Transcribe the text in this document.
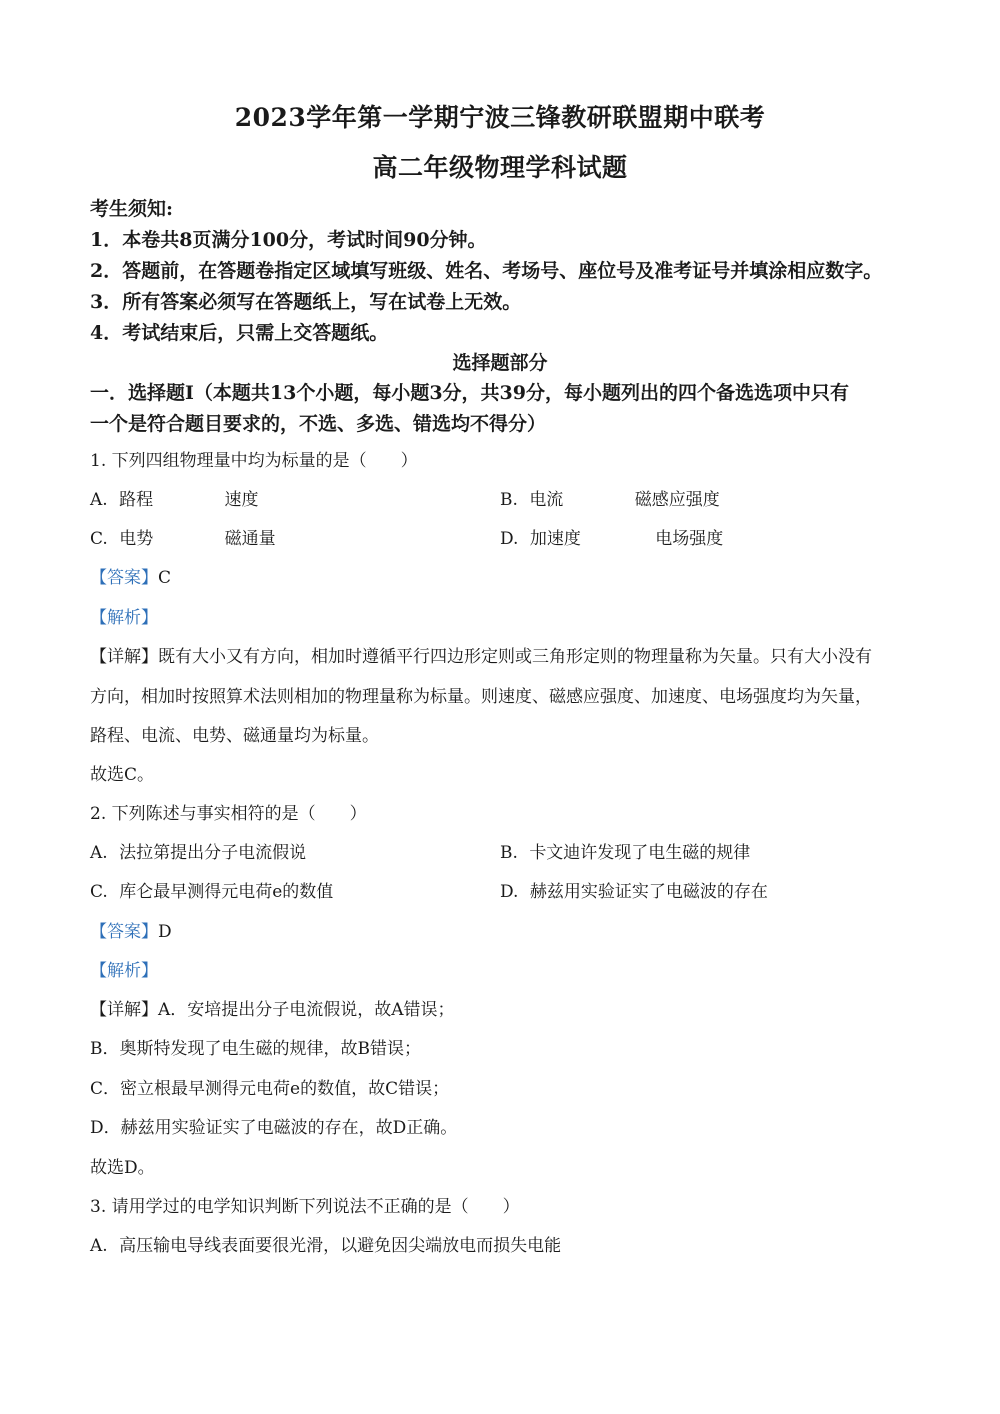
2023学年第一学期宁波三锋教研联盟期中联考
高二年级物理学科试题
考生须知:
1．本卷共8页满分100分，考试时间90分钟。
2．答题前，在答题卷指定区域填写班级、姓名、考场号、座位号及准考证号并填涂相应数字。
3．所有答案必须写在答题纸上，写在试卷上无效。
4．考试结束后，只需上交答题纸。
选择题部分
一．选择题Ⅰ（本题共13个小题，每小题3分，共39分，每小题列出的四个备选选项中只有
一个是符合题目要求的，不选、多选、错选均不得分）
1. 下列四组物理量中均为标量的是（　　）
A. 路程	速度	B. 电流	磁感应强度
C. 电势	磁通量	D. 加速度	电场强度
【答案】C
【解析】
【详解】既有大小又有方向，相加时遵循平行四边形定则或三角形定则的物理量称为矢量。只有大小没有
方向，相加时按照算术法则相加的物理量称为标量。则速度、磁感应强度、加速度、电场强度均为矢量，
路程、电流、电势、磁通量均为标量。
故选C。
2. 下列陈述与事实相符的是（　　）
A. 法拉第提出分子电流假说	B. 卡文迪许发现了电生磁的规律
C. 库仑最早测得元电荷e的数值	D. 赫兹用实验证实了电磁波的存在
【答案】D
【解析】
【详解】A．安培提出分子电流假说，故A错误；
B．奥斯特发现了电生磁的规律，故B错误；
C．密立根最早测得元电荷e的数值，故C错误；
D．赫兹用实验证实了电磁波的存在，故D正确。
故选D。
3. 请用学过的电学知识判断下列说法不正确的是（　　）
A. 高压输电导线表面要很光滑，以避免因尖端放电而损失电能
